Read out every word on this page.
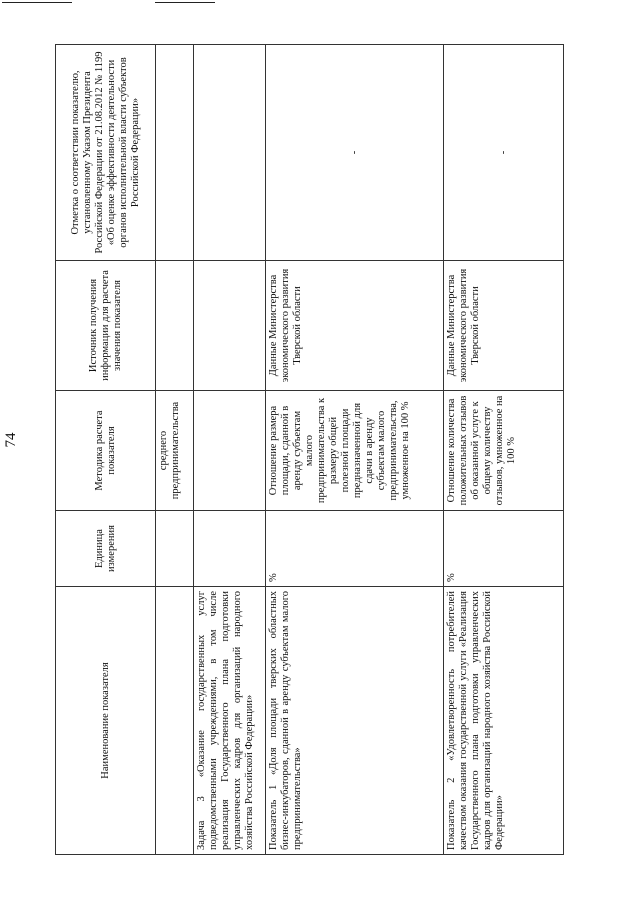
74
Наименование показателя	Единица измерения	Методика расчета показателя	Источник получения информации для расчета значения показателя	Отметка о соответствии показателю, установленному Указом Президента Российской Федерации от 21.08.2012 № 1199 «Об оценке эффективности деятельности органов исполнительной власти субъектов Российской Федерации»
		среднего предпринимательства		
Задача 3 «Оказание государственных услуг подведомственными учреждениями, в том числе реализация Государственного плана подготовки управленческих кадров для организаций народного хозяйства Российской Федерации»				
Показатель 1 «Доля площади тверских областных бизнес-инкубаторов, сданной в аренду субъектам малого предпринимательства»	%	Отношение размера площади, сданной в аренду субъектам малого предпринимательства к размеру общей полезной площади предназначенной для сдачи в аренду субъектам малого предпринимательства, умноженное на 100 %	Данные Министерства экономического развития Тверской области	-
Показатель 2 «Удовлетворенность потребителей качеством оказания государственной услуги «Реализация Государственного плана подготовки управленческих кадров для организаций народного хозяйства Российской Федерации»	%	Отношение количества положительных отзывов об оказанной услуге к общему количеству отзывов, умноженное на 100 %	Данные Министерства экономического развития Тверской области	-
